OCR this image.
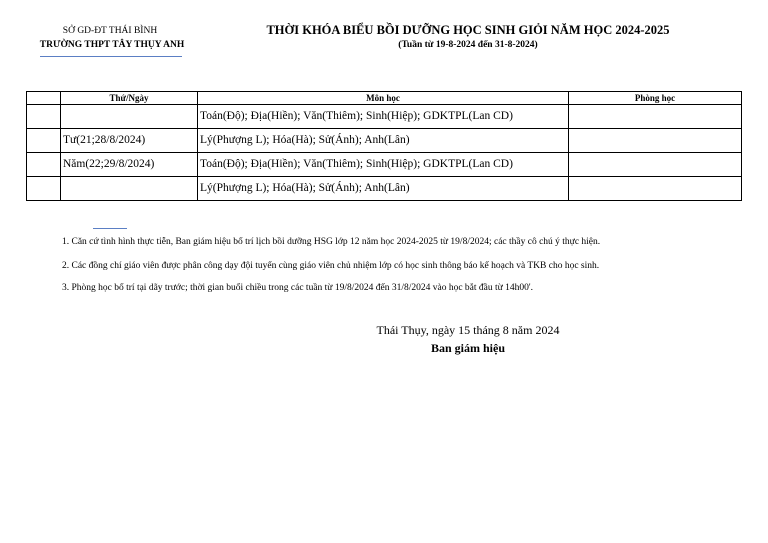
SỞ GD-ĐT THÁI BÌNH
TRƯỜNG THPT TÂY THỤY ANH
THỜI KHÓA BIỂU BỒI DƯỠNG HỌC SINH GIỎI NĂM HỌC 2024-2025
(Tuần từ 19-8-2024 đến 31-8-2024)
	Thứ/Ngày	Môn học	Phòng học
		Toán(Độ); Địa(Hiền); Văn(Thiêm); Sinh(Hiệp); GDKTPL(Lan CD)	
	Tư(21;28/8/2024)	Lý(Phượng L); Hóa(Hà); Sử(Ánh); Anh(Lân)	
	Năm(22;29/8/2024)	Toán(Độ); Địa(Hiền); Văn(Thiêm); Sinh(Hiệp); GDKTPL(Lan CD)	
		Lý(Phượng L); Hóa(Hà); Sử(Ánh); Anh(Lân)	
1. Căn cứ tình hình thực tiễn, Ban giám hiệu bố trí lịch bồi dưỡng HSG lớp 12 năm học 2024-2025 từ 19/8/2024; các thầy cô chú ý thực hiện.
2. Các đồng chí giáo viên được phân công dạy đội tuyển cùng giáo viên chủ nhiệm lớp có học sinh thông báo kế hoạch và TKB cho học sinh.
3. Phòng học bố trí tại dãy trước; thời gian buổi chiều trong các tuần từ 19/8/2024 đến 31/8/2024 vào học bắt đầu từ 14h00'.
Thái Thụy, ngày 15 tháng 8 năm 2024
Ban giám hiệu
